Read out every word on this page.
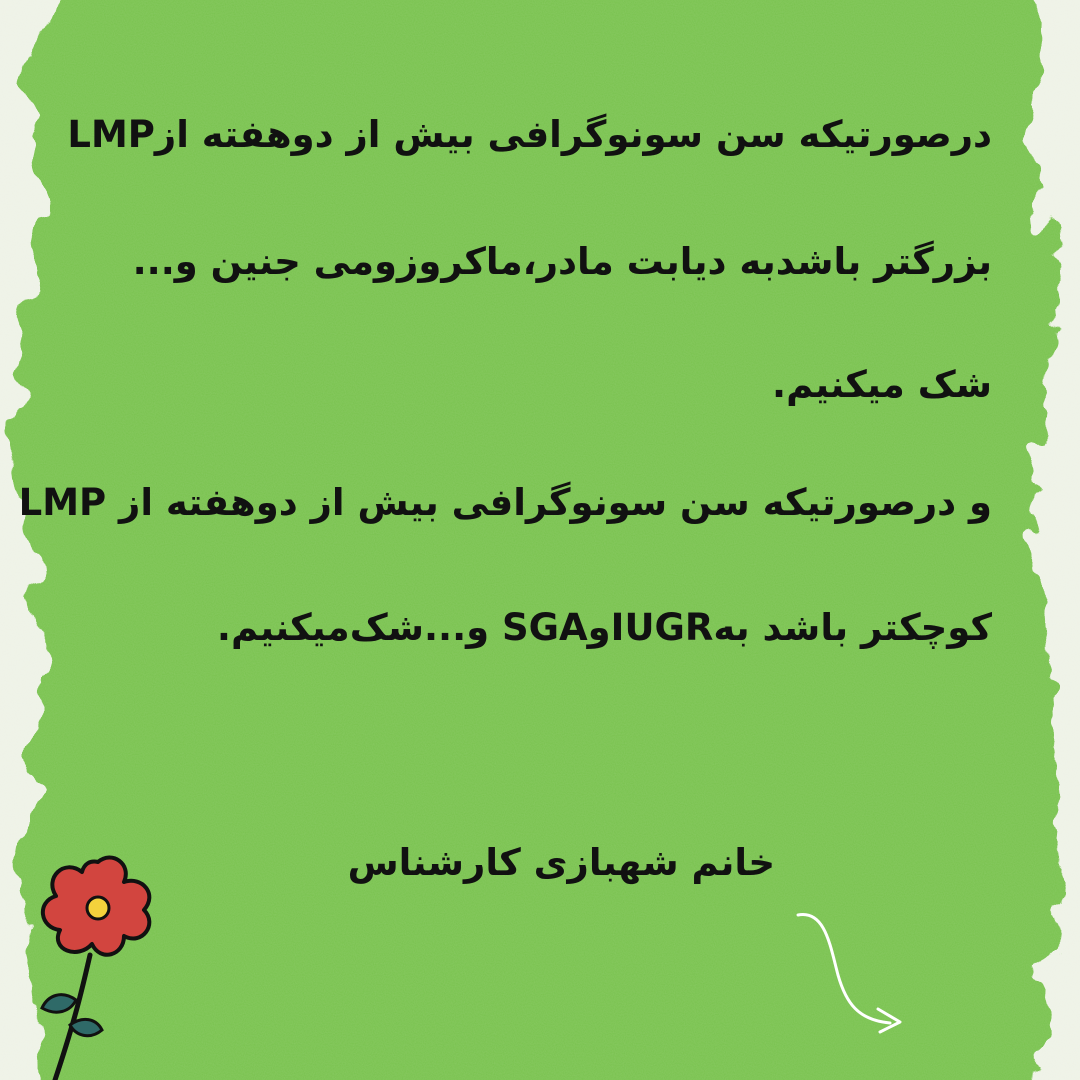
درصورتیکه سن سونوگرافی بیش از دوهفته ازLMP
بزرگتر باشدبه دیابت مادر،ماکروزومی جنین و...
شک میکنیم.
و درصورتیکه سن سونوگرافی بیش از دوهفته از LMP
کوچکتر باشد بهIUGRوSGA و...شک‌میکنیم.
خانم شهبازی کارشناس
